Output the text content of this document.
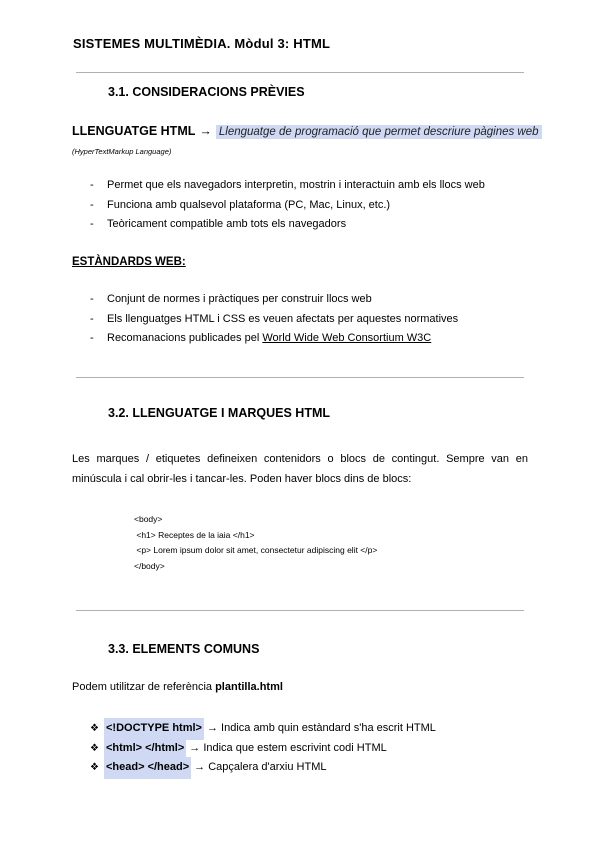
SISTEMES MULTIMÈDIA. Mòdul 3: HTML
3.1. CONSIDERACIONS PRÈVIES
LLENGUATGE HTML → Llenguatge de programació que permet descriure pàgines web
(HyperTextMarkup Language)
- Permet que els navegadors interpretin, mostrin i interactuin amb els llocs web
- Funciona amb qualsevol plataforma (PC, Mac, Linux, etc.)
- Teòricament compatible amb tots els navegadors
ESTÀNDARDS WEB:
- Conjunt de normes i pràctiques per construir llocs web
- Els llenguatges HTML i CSS es veuen afectats per aquestes normatives
- Recomanacions publicades pel World Wide Web Consortium W3C
3.2. LLENGUATGE I MARQUES HTML
Les marques / etiquetes defineixen contenidors o blocs de contingut. Sempre van en minúscula i cal obrir-les i tancar-les. Poden haver blocs dins de blocs:
<body>
<h1> Receptes de la iaia </h1>
<p> Lorem ipsum dolor sit amet, consectetur adipiscing elit </p>
</body>
3.3. ELEMENTS COMUNS
Podem utilitzar de referència plantilla.html
❖ <!DOCTYPE html> →
Indica amb quin estàndard s'ha escrit HTML
❖ <html> </html> →
Indica que estem escrivint codi HTML
❖ <head> </head> →
Capçalera d'arxiu HTML
